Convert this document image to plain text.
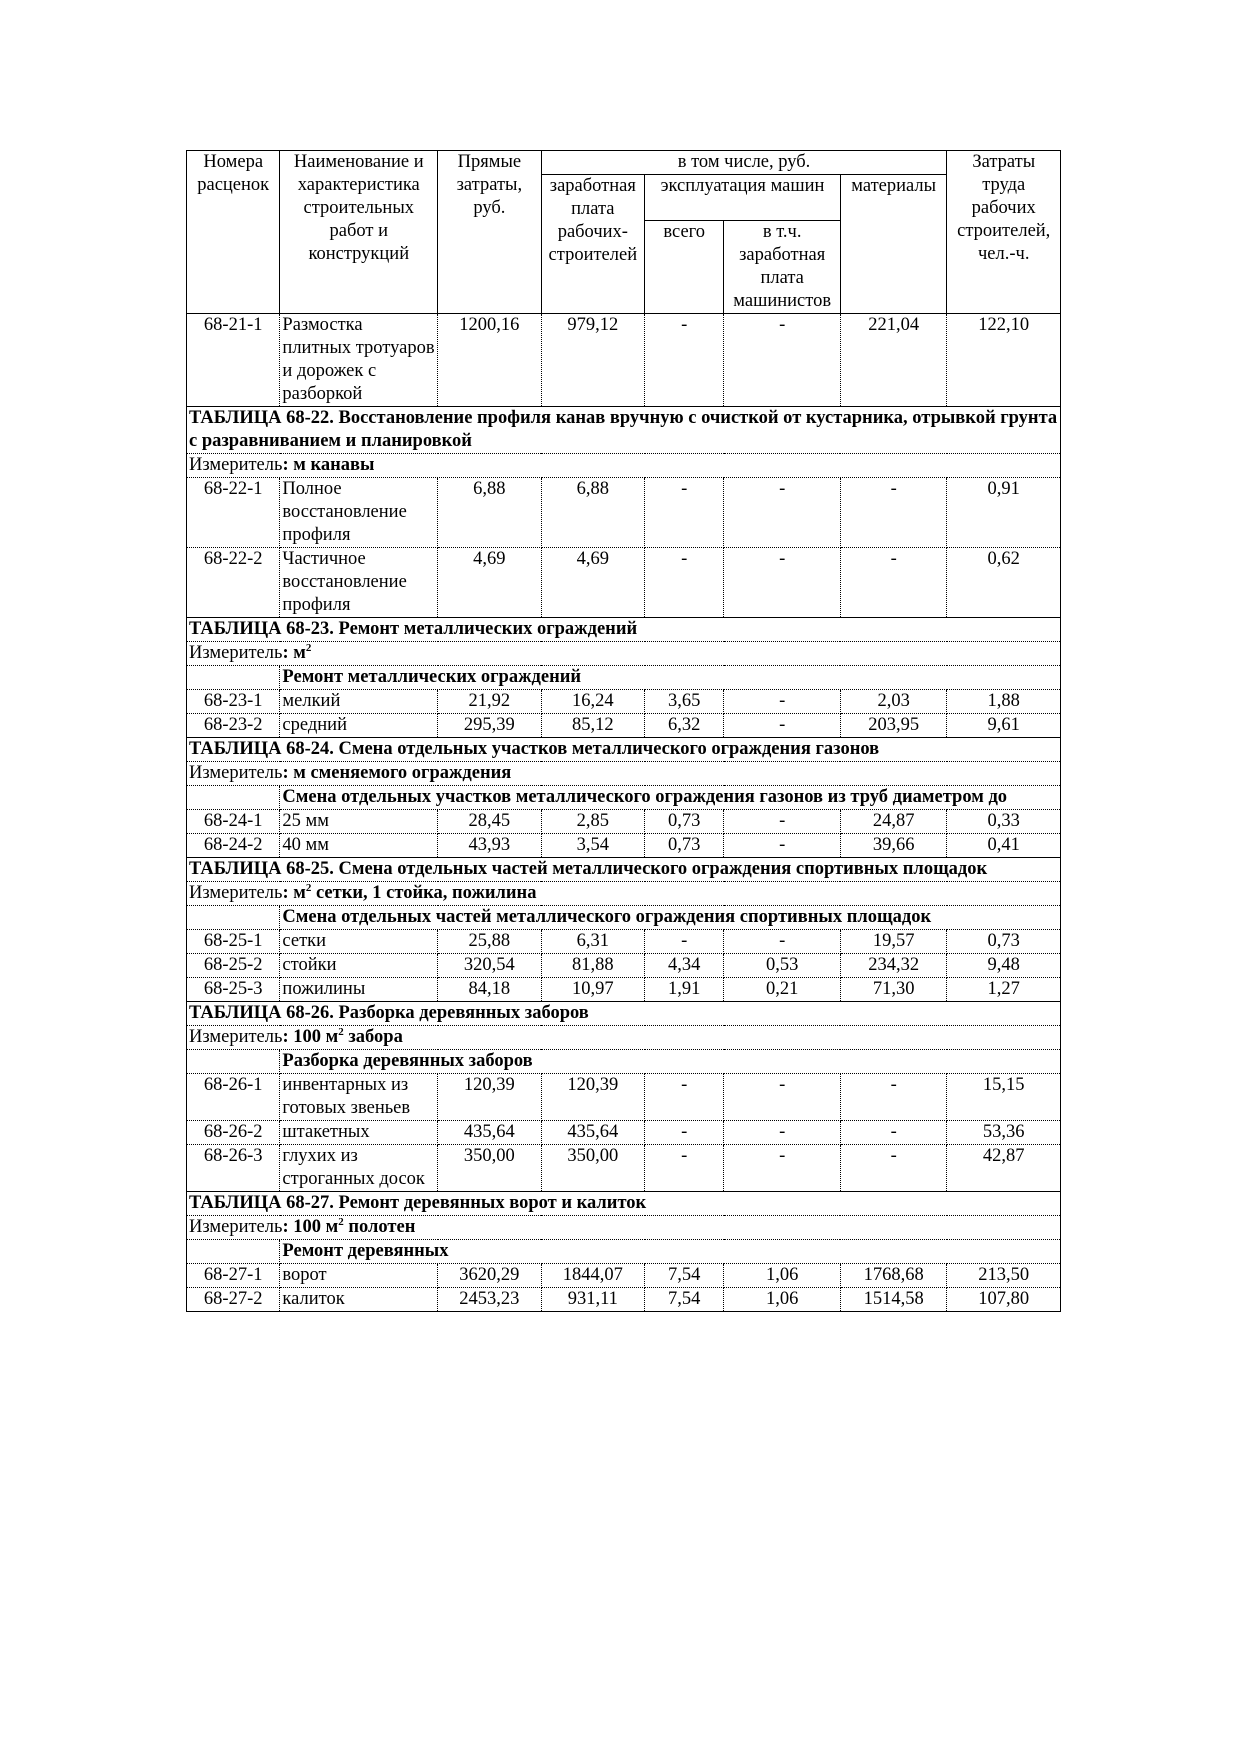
Номера расценок	Наименование и характеристика строительных работ и конструкций	Прямые затраты, руб.	в том числе, руб.				Затраты труда рабочих строителей, чел.-ч.
			заработная плата рабочих-строителей	эксплуатация машин		материалы	
				всего	в т.ч. заработная плата машинистов		
68-21-1	Размостка плитных тротуаров и дорожек с разборкой	1200,16	979,12	-	-	221,04	122,10
ТАБЛИЦА 68-22. Восстановление профиля канав вручную с очисткой от кустарника, отрывкой грунта с разравниванием и планировкой							
Измеритель: м канавы							
68-22-1	Полное восстановление профиля	6,88	6,88	-	-	-	0,91
68-22-2	Частичное восстановление профиля	4,69	4,69	-	-	-	0,62
ТАБЛИЦА 68-23. Ремонт металлических ограждений							
Измеритель: $м^2$
	Ремонт металлических ограждений						
68-23-1	мелкий	21,92	16,24	3,65	-	2,03	1,88
68-23-2	средний	295,39	85,12	6,32	-	203,95	9,61
ТАБЛИЦА 68-24. Смена отдельных участков металлического ограждения газонов							
Измеритель: м сменяемого ограждения							
	Смена отдельных участков металлического ограждения газонов из труб диаметром до						
68-24-1	25 мм	28,45	2,85	0,73	-	24,87	0,33
68-24-2	40 мм	43,93	3,54	0,73	-	39,66	0,41
ТАБЛИЦА 68-25. Смена отдельных частей металлического ограждения спортивных площадок							
Измеритель: $м^2$ сетки, 1 стойка, пожилина							
	Смена отдельных частей металлического ограждения спортивных площадок						
68-25-1	сетки	25,88	6,31	-	-	19,57	0,73
68-25-2	стойки	320,54	81,88	4,34	0,53	234,32	9,48
68-25-3	пожилины	84,18	10,97	1,91	0,21	71,30	1,27
ТАБЛИЦА 68-26. Разборка деревянных заборов							
Измеритель: 100 $м^2$ забора							
	Разборка деревянных заборов						
68-26-1	инвентарных из готовых звеньев	120,39	120,39	-	-	-	15,15
68-26-2	штакетных	435,64	435,64	-	-	-	53,36
68-26-3	глухих из строганных досок	350,00	350,00	-	-	-	42,87
ТАБЛИЦА 68-27. Ремонт деревянных ворот и калиток							
Измеритель: 100 $м^2$ полотен							
	Ремонт деревянных						
68-27-1	ворот	3620,29	1844,07	7,54	1,06	1768,68	213,50
68-27-2	калиток	2453,23	931,11	7,54	1,06	1514,58	107,80
